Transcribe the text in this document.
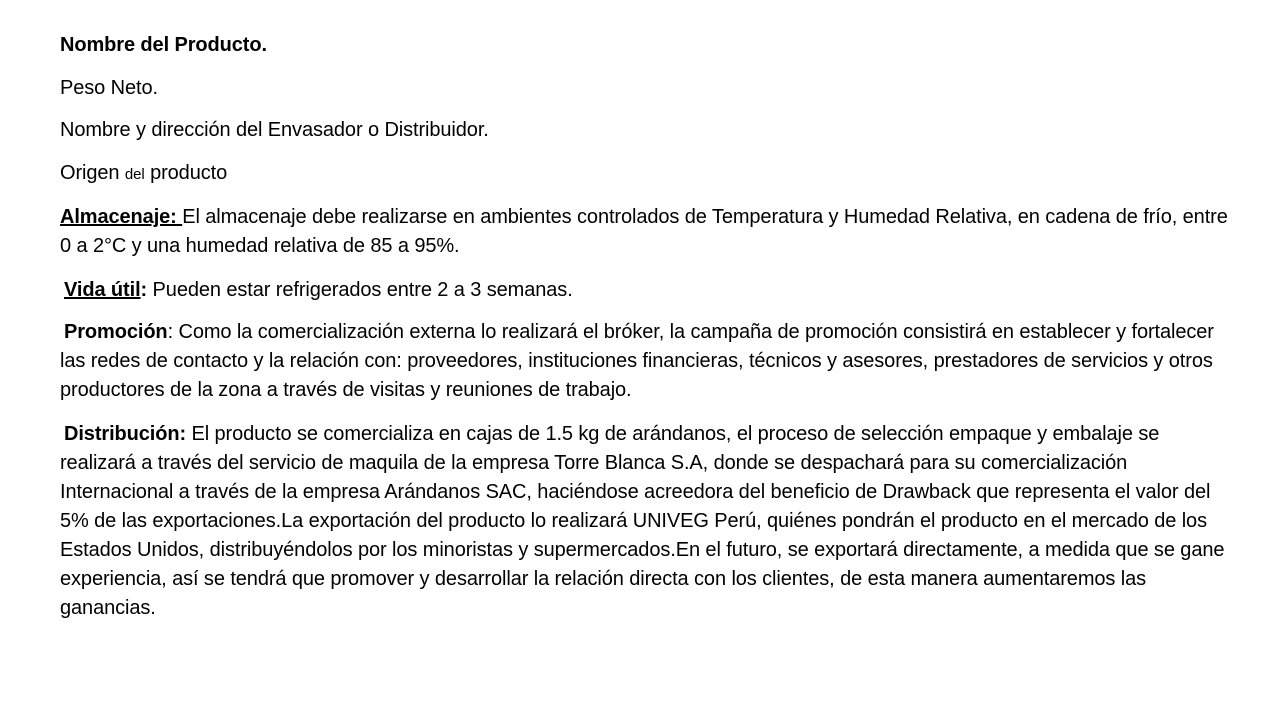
Nombre del Producto.

Peso Neto.

Nombre y dirección del Envasador o Distribuidor.

Origen del producto

Almacenaje: El almacenaje debe realizarse en ambientes controlados de Temperatura y Humedad Relativa, en cadena de frío, entre 0 a 2°C y una humedad relativa de 85 a 95%.

Vida útil: Pueden estar refrigerados entre 2 a 3 semanas.

Promoción: Como la comercialización externa lo realizará el bróker, la campaña de promoción consistirá en establecer y fortalecer las redes de contacto y la relación con: proveedores, instituciones financieras, técnicos y asesores, prestadores de servicios y otros productores de la zona a través de visitas y reuniones de trabajo.

Distribución: El producto se comercializa en cajas de 1.5 kg de arándanos, el proceso de selección empaque y embalaje se realizará a través del servicio de maquila de la empresa Torre Blanca S.A, donde se despachará para su comercialización Internacional a través de la empresa Arándanos SAC, haciéndose acreedora del beneficio de Drawback que representa el valor del 5% de las exportaciones.La exportación del producto lo realizará UNIVEG Perú, quiénes pondrán el producto en el mercado de los Estados Unidos, distribuyéndolos por los minoristas y supermercados.En el futuro, se exportará directamente, a medida que se gane experiencia, así se tendrá que promover y desarrollar la relación directa con los clientes, de esta manera aumentaremos las ganancias.
